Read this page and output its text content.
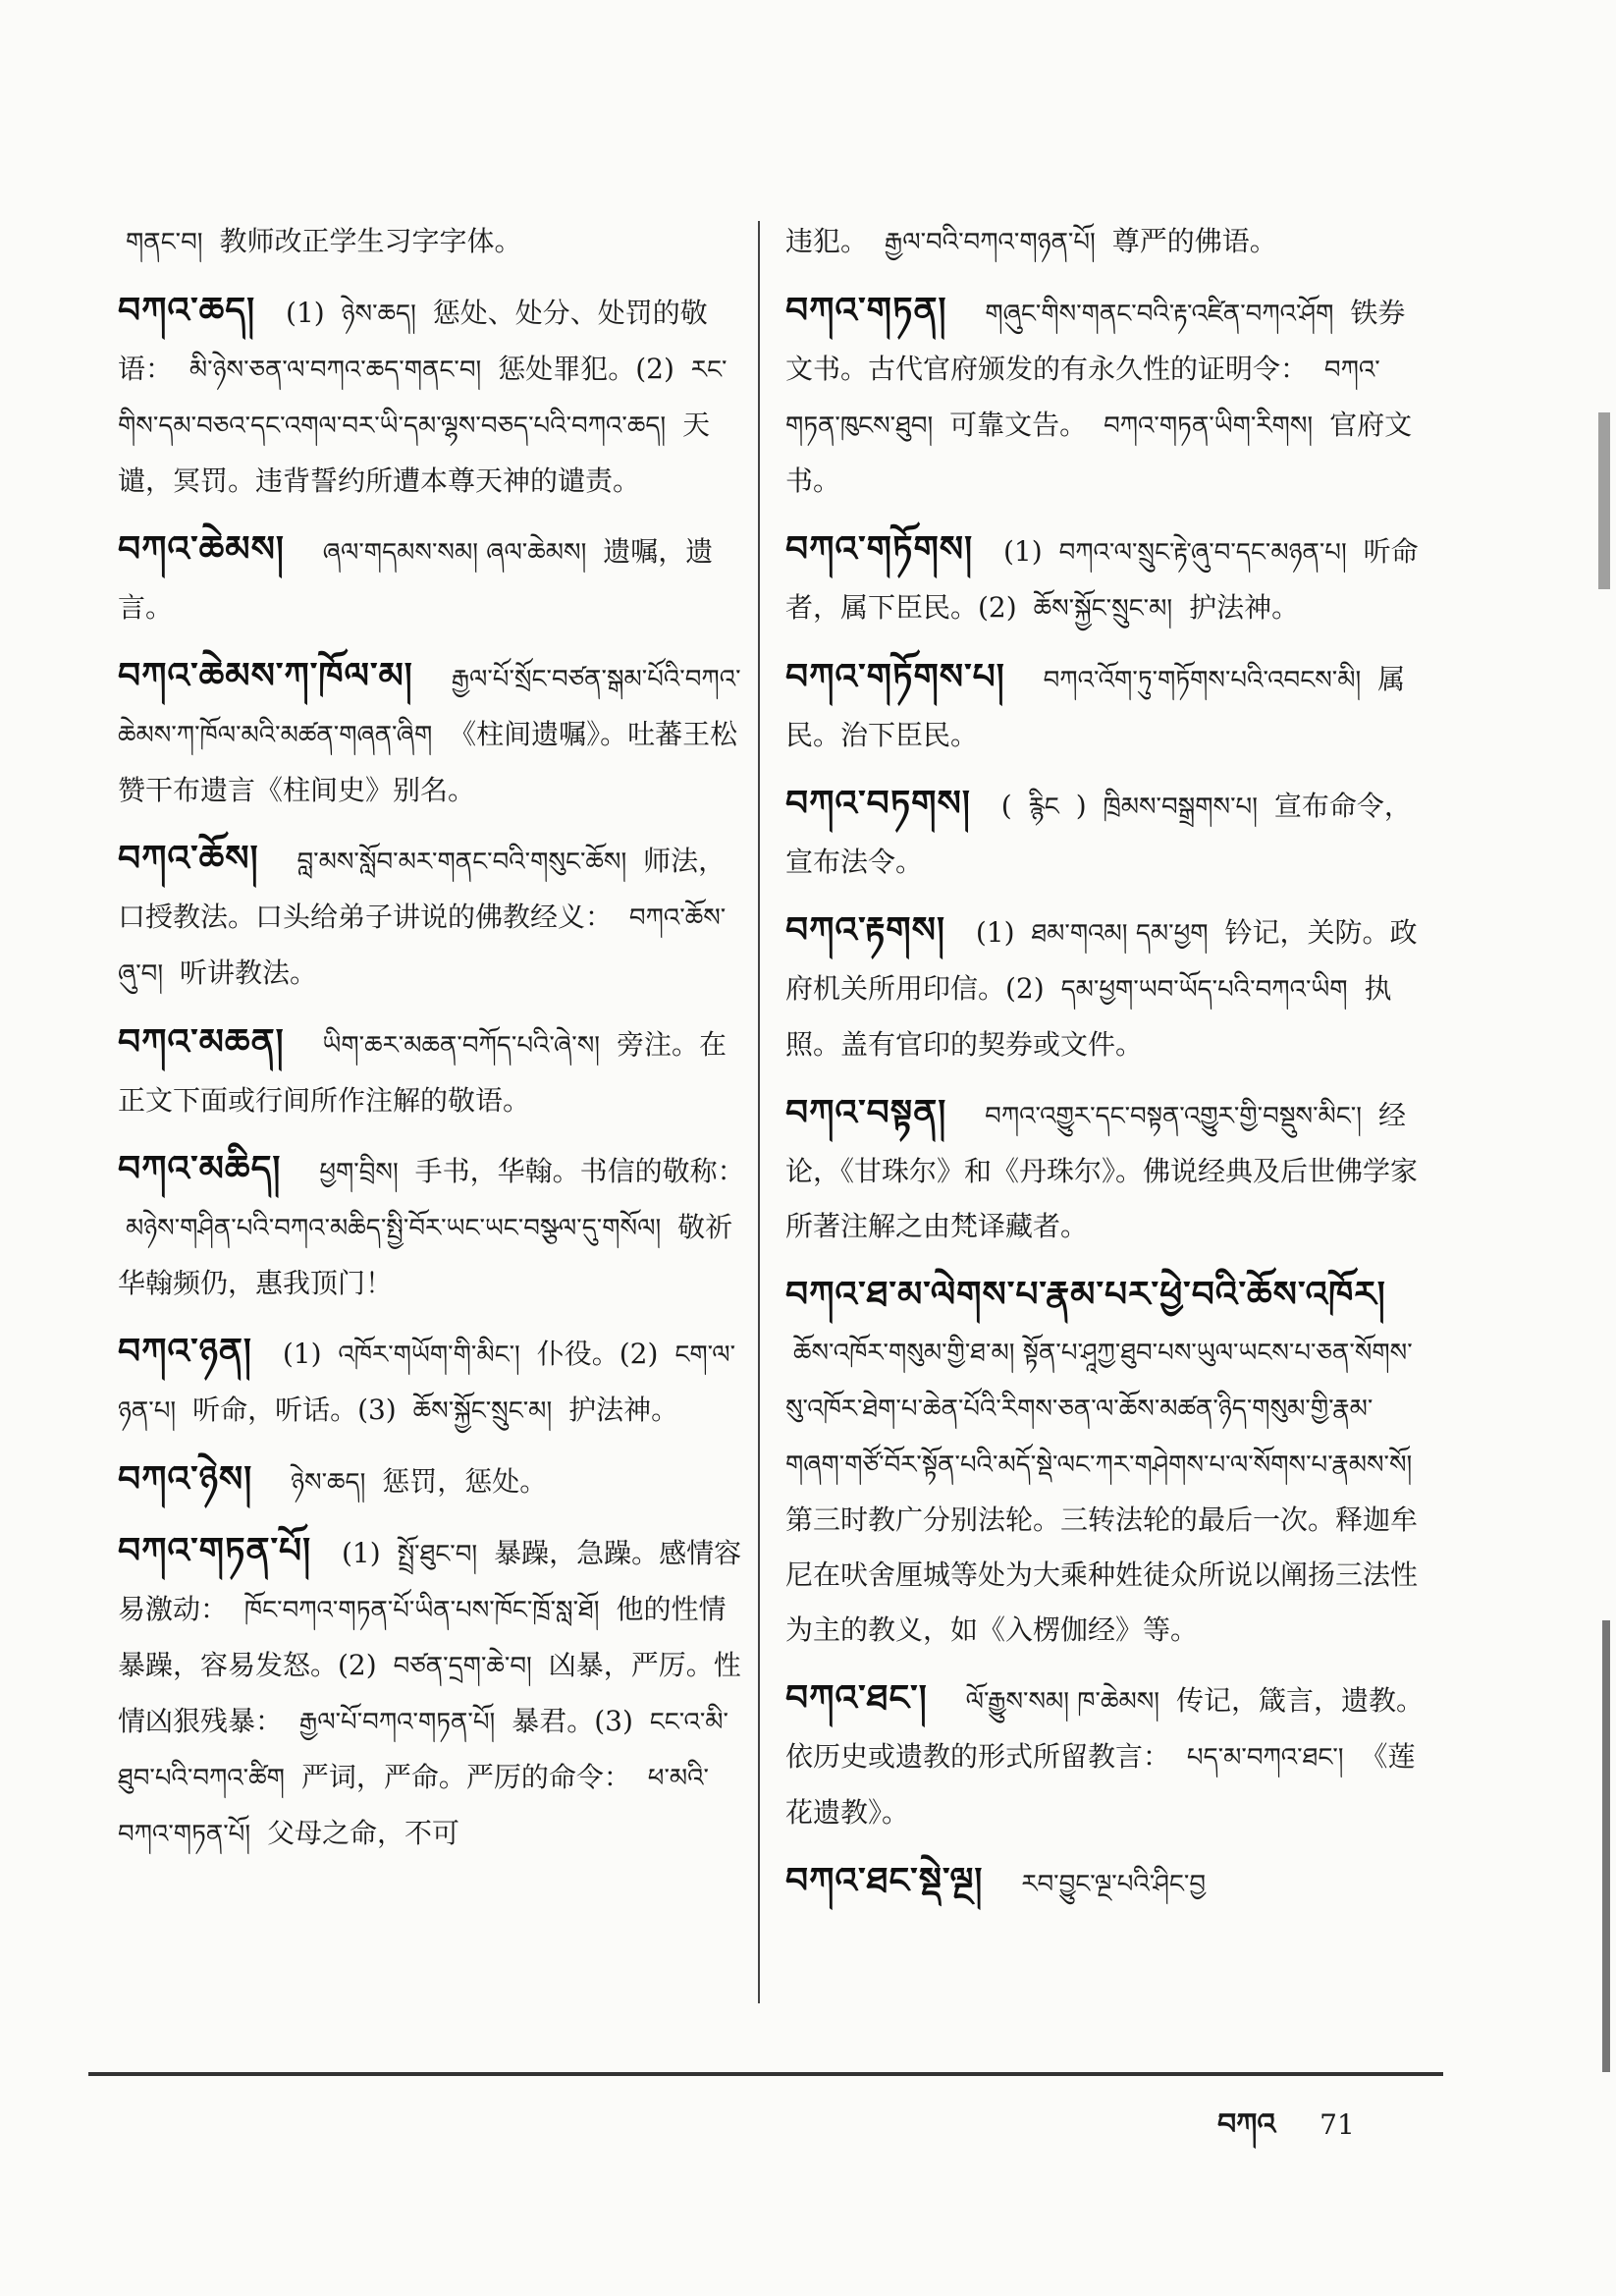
གནང་བ། 教师改正学生习字字体。
བཀའ་ཆད། (1) ཉེས་ཆད། 惩处、处分、处罚的敬语： མི་ཉེས་ཅན་ལ་བཀའ་ཆད་གནང་བ། 惩处罪犯。(2) རང་གིས་དམ་བཅའ་དང་འགལ་བར་ཡི་དམ་ལྷས་བཅད་པའི་བཀའ་ཆད། 天谴，冥罚。违背誓约所遭本尊天神的谴责。
བཀའ་ཆེམས། ཞལ་གདམས་སམ། ཞལ་ཆེམས། 遗嘱，遗言。
བཀའ་ཆེམས་ཀ་ཁོལ་མ། རྒྱལ་པོ་སྲོང་བཙན་སྒམ་པོའི་བཀའ་ཆེམས་ཀ་ཁོལ་མའི་མཚན་གཞན་ཞིག 《柱间遗嘱》。吐蕃王松赞干布遗言《柱间史》别名。
བཀའ་ཆོས། བླ་མས་སློབ་མར་གནང་བའི་གསུང་ཆོས། 师法，口授教法。口头给弟子讲说的佛教经义： བཀའ་ཆོས་ཞུ་བ། 听讲教法。
བཀའ་མཆན། ཡིག་ཆར་མཆན་བཀོད་པའི་ཞེ་ས། 旁注。在正文下面或行间所作注解的敬语。
བཀའ་མཆིད། ཕྱག་བྲིས། 手书，华翰。书信的敬称： མཉེས་གཤིན་པའི་བཀའ་མཆིད་སྤྱི་བོར་ཡང་ཡང་བསྩལ་དུ་གསོལ། 敬祈华翰频仍，惠我顶门！
བཀའ་ཉན། (1) འཁོར་གཡོག་གི་མིང་། 仆役。(2) ངག་ལ་ཉན་པ། 听命，听话。(3) ཆོས་སྐྱོང་སྲུང་མ། 护法神。
བཀའ་ཉེས། ཉེས་ཆད། 惩罚，惩处。
བཀའ་གཏན་པོ། (1) སྤྲོ་ཐུང་བ། 暴躁，急躁。感情容易激动： ཁོང་བཀའ་གཏན་པོ་ཡིན་པས་ཁོང་ཁྲོ་སླ་ཐོ། 他的性情暴躁，容易发怒。(2) བཙན་དྲག་ཆེ་བ། 凶暴，严厉。性情凶狠残暴： རྒྱལ་པོ་བཀའ་གཏན་པོ། 暴君。(3) ངང་འ་མི་ཐུབ་པའི་བཀའ་ཚིག 严词，严命。严厉的命令： ཕ་མའི་བཀའ་གཏན་པོ། 父母之命，不可
违犯。 རྒྱལ་བའི་བཀའ་གཉན་པོ། 尊严的佛语。
བཀའ་གཏན། གཞུང་གིས་གནང་བའི་རྟ་འཛིན་བཀའ་ཤོག 铁券文书。古代官府颁发的有永久性的证明令： བཀའ་གཏན་ཁུངས་ཐུབ། 可靠文告。 བཀའ་གཏན་ཡིག་རིགས། 官府文书。
བཀའ་གཏོགས། (1) བཀའ་ལ་སྲུང་རྟེ་ཞུ་བ་དང་མཉན་པ། 听命者，属下臣民。(2) ཆོས་སྐྱོང་སྲུང་མ། 护法神。
བཀའ་གཏོགས་པ། བཀའ་འོག་ཏུ་གཏོགས་པའི་འབངས་མི། 属民。治下臣民。
བཀའ་བཏགས། ( རྙིང ) ཁྲིམས་བསྒྲགས་པ། 宣布命令，宣布法令。
བཀའ་རྟགས། (1) ཐམ་གའམ། དམ་ཕྱག 钤记，关防。政府机关所用印信。(2) དམ་ཕྱག་ཡབ་ཡོད་པའི་བཀའ་ཡིག 执照。盖有官印的契券或文件。
བཀའ་བསྟན། བཀའ་འགྱུར་དང་བསྟན་འགྱུར་གྱི་བསྡུས་མིང་། 经论，《甘珠尔》和《丹珠尔》。佛说经典及后世佛学家所著注解之由梵译藏者。
བཀའ་ཐ་མ་ལེགས་པ་རྣམ་པར་ཕྱེ་བའི་ཆོས་འཁོར། ཆོས་འཁོར་གསུམ་གྱི་ཐ་མ། སྟོན་པ་ཤཱཀྱ་ཐུབ་པས་ཡུལ་ཡངས་པ་ཅན་སོགས་སུ་འཁོར་ཐེག་པ་ཆེན་པོའི་རིགས་ཅན་ལ་ཆོས་མཚན་ཉིད་གསུམ་གྱི་རྣམ་གཞག་གཙོ་བོར་སྟོན་པའི་མདོ་སྡེ་ལང་ཀར་གཤེགས་པ་ལ་སོགས་པ་རྣམས་སོ། 第三时教广分别法轮。三转法轮的最后一次。释迦牟尼在吠舍厘城等处为大乘种姓徒众所说以阐扬三法性为主的教义，如《入楞伽经》等。
བཀའ་ཐང་། ལོ་རྒྱུས་སམ། ཁ་ཆེམས། 传记，箴言，遗教。依历史或遗教的形式所留教言： པད་མ་བཀའ་ཐང་། 《莲花遗教》。
བཀའ་ཐང་སྡེ་ལྔ། རབ་བྱུང་ལྔ་པའི་ཤིང་བྱ
བཀའ 71
